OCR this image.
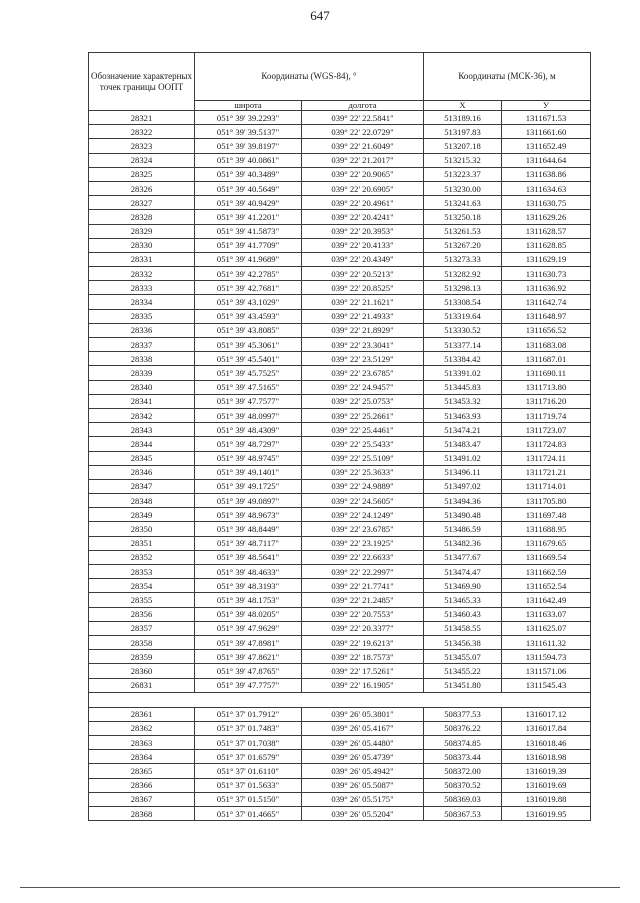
647
Обозначение характерных точек границы ООПТ	Координаты (WGS-84), °		Координаты (МСК-36), м	
	широта	долгота	X	У
28321	051° 39' 39.2293"	039° 22' 22.5841"	513189.16	1311671.53
28322	051° 39' 39.5137"	039° 22' 22.0729"	513197.83	1311661.60
28323	051° 39' 39.8197"	039° 22' 21.6049"	513207.18	1311652.49
28324	051° 39' 40.0861"	039° 22' 21.2017"	513215.32	1311644.64
28325	051° 39' 40.3489"	039° 22' 20.9065"	513223.37	1311638.86
28326	051° 39' 40.5649"	039° 22' 20.6905"	513230.00	1311634.63
28327	051° 39' 40.9429"	039° 22' 20.4961"	513241.63	1311630.75
28328	051° 39' 41.2201"	039° 22' 20.4241"	513250.18	1311629.26
28329	051° 39' 41.5873"	039° 22' 20.3953"	513261.53	1311628.57
28330	051° 39' 41.7709"	039° 22' 20.4133"	513267.20	1311628.85
28331	051° 39' 41.9689"	039° 22' 20.4349"	513273.33	1311629.19
28332	051° 39' 42.2785"	039° 22' 20.5213"	513282.92	1311630.73
28333	051° 39' 42.7681"	039° 22' 20.8525"	513298.13	1311636.92
28334	051° 39' 43.1029"	039° 22' 21.1621"	513308.54	1311642.74
28335	051° 39' 43.4593"	039° 22' 21.4933"	513319.64	1311648.97
28336	051° 39' 43.8085"	039° 22' 21.8929"	513330.52	1311656.52
28337	051° 39' 45.3061"	039° 22' 23.3041"	513377.14	1311683.08
28338	051° 39' 45.5401"	039° 22' 23.5129"	513384.42	1311687.01
28339	051° 39' 45.7525"	039° 22' 23.6785"	513391.02	1311690.11
28340	051° 39' 47.5165"	039° 22' 24.9457"	513445.83	1311713.80
28341	051° 39' 47.7577"	039° 22' 25.0753"	513453.32	1311716.20
28342	051° 39' 48.0997"	039° 22' 25.2661"	513463.93	1311719.74
28343	051° 39' 48.4309"	039° 22' 25.4461"	513474.21	1311723.07
28344	051° 39' 48.7297"	039° 22' 25.5433"	513483.47	1311724.83
28345	051° 39' 48.9745"	039° 22' 25.5109"	513491.02	1311724.11
28346	051° 39' 49.1401"	039° 22' 25.3633"	513496.11	1311721.21
28347	051° 39' 49.1725"	039° 22' 24.9889"	513497.02	1311714.01
28348	051° 39' 49.0897"	039° 22' 24.5605"	513494.36	1311705.80
28349	051° 39' 48.9673"	039° 22' 24.1249"	513490.48	1311697.48
28350	051° 39' 48.8449"	039° 22' 23.6785"	513486.59	1311688.95
28351	051° 39' 48.7117"	039° 22' 23.1925"	513482.36	1311679.65
28352	051° 39' 48.5641"	039° 22' 22.6633"	513477.67	1311669.54
28353	051° 39' 48.4633"	039° 22' 22.2997"	513474.47	1311662.59
28354	051° 39' 48.3193"	039° 22' 21.7741"	513469.90	1311652.54
28355	051° 39' 48.1753"	039° 22' 21.2485"	513465.33	1311642.49
28356	051° 39' 48.0205"	039° 22' 20.7553"	513460.43	1311633.07
28357	051° 39' 47.9629"	039° 22' 20.3377"	513458.55	1311625.07
28358	051° 39' 47.8981"	039° 22' 19.6213"	513456.38	1311611.32
28359	051° 39' 47.8621"	039° 22' 18.7573"	513455.07	1311594.73
28360	051° 39' 47.8765"	039° 22' 17.5261"	513455.22	1311571.06
26831	051° 39' 47.7757"	039° 22' 16.1905"	513451.80	1311545.43

28361	051° 37' 01.7912"	039° 26' 05.3801"	508377.53	1316017.12
28362	051° 37' 01.7483"	039° 26' 05.4167"	508376.22	1316017.84
28363	051° 37' 01.7038"	039° 26' 05.4480"	508374.85	1316018.46
28364	051° 37' 01.6579"	039° 26' 05.4739"	508373.44	1316018.98
28365	051° 37' 01.6110"	039° 26' 05.4942"	508372.00	1316019.39
28366	051° 37' 01.5633"	039° 26' 05.5087"	508370.52	1316019.69
28367	051° 37' 01.5150"	039° 26' 05.5175"	508369.03	1316019.88
28368	051° 37' 01.4665"	039° 26' 05.5204"	508367.53	1316019.95
